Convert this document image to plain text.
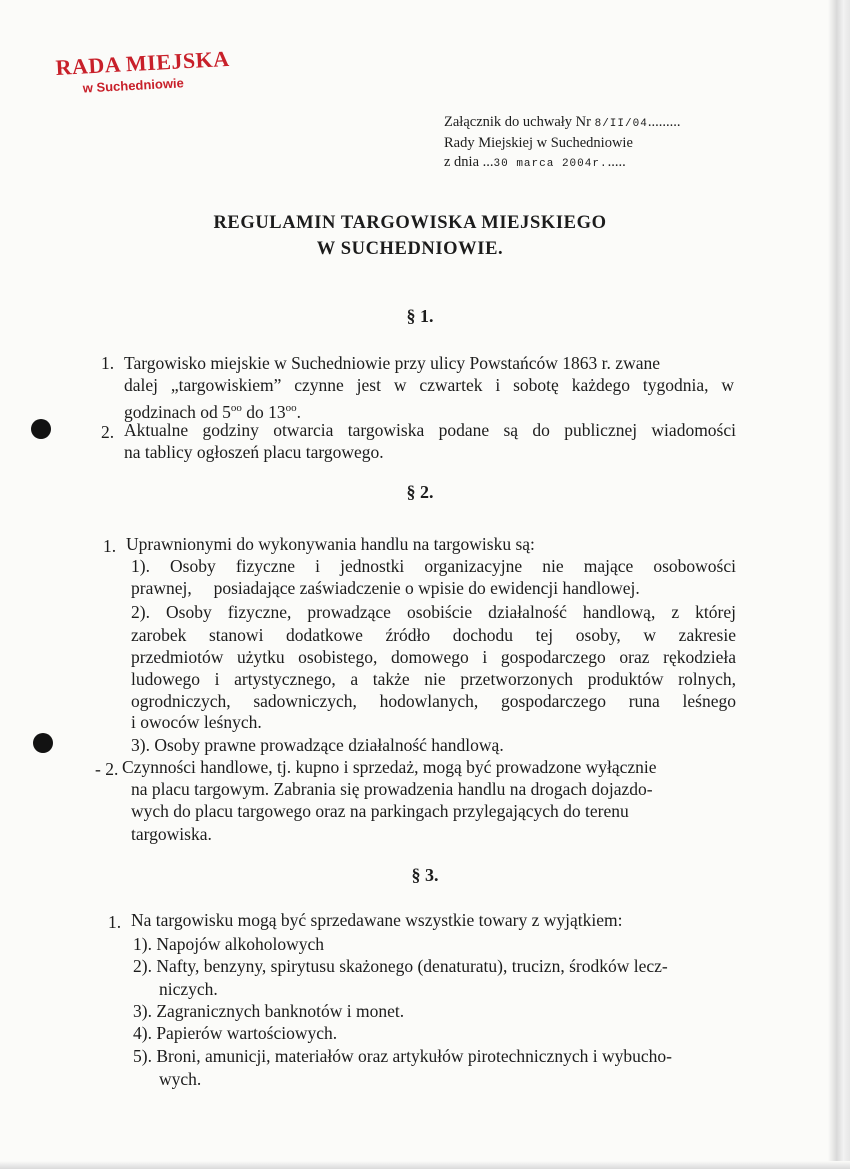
RADA MIEJSKA
w Suchedniowie
Załącznik do uchwały Nr 8/II/04.........
Rady Miejskiej w Suchedniowie
z dnia ...30 marca 2004r......
REGULAMIN TARGOWISKA MIEJSKIEGO
W SUCHEDNIOWIE.
§ 1.
1. Targowisko miejskie w Suchedniowie przy ulicy Powstańców 1863 r. zwane
dalej „targowiskiem” czynne jest w czwartek i sobotę każdego tygodnia, w
godzinach od $5^{oo}$ do $13^{oo}$.
2. Aktualne godziny otwarcia targowiska podane są do publicznej wiadomości
na tablicy ogłoszeń placu targowego.
§ 2.
1. Uprawnionymi do wykonywania handlu na targowisku są:
1). Osoby fizyczne i jednostki organizacyjne nie mające osobowości
prawnej,     posiadające zaświadczenie o wpisie do ewidencji handlowej.
2). Osoby fizyczne, prowadzące osobiście działalność handlową, z której
zarobek stanowi dodatkowe źródło dochodu tej osoby, w zakresie
przedmiotów użytku osobistego, domowego i gospodarczego oraz rękodzieła
ludowego i artystycznego, a także nie przetworzonych produktów rolnych,
ogrodniczych, sadowniczych, hodowlanych, gospodarczego runa leśnego
i owoców leśnych.
3). Osoby prawne prowadzące działalność handlową.
- 2. Czynności handlowe, tj. kupno i sprzedaż, mogą być prowadzone wyłącznie
na placu targowym. Zabrania się prowadzenia handlu na drogach dojazdo-
wych do placu targowego oraz na parkingach przylegających do terenu
targowiska.
§ 3.
1. Na targowisku mogą być sprzedawane wszystkie towary z wyjątkiem:
1). Napojów alkoholowych
2). Nafty, benzyny, spirytusu skażonego (denaturatu), trucizn, środków lecz-
niczych.
3). Zagranicznych banknotów i monet.
4). Papierów wartościowych.
5). Broni, amunicji, materiałów oraz artykułów pirotechnicznych i wybucho-
wych.
